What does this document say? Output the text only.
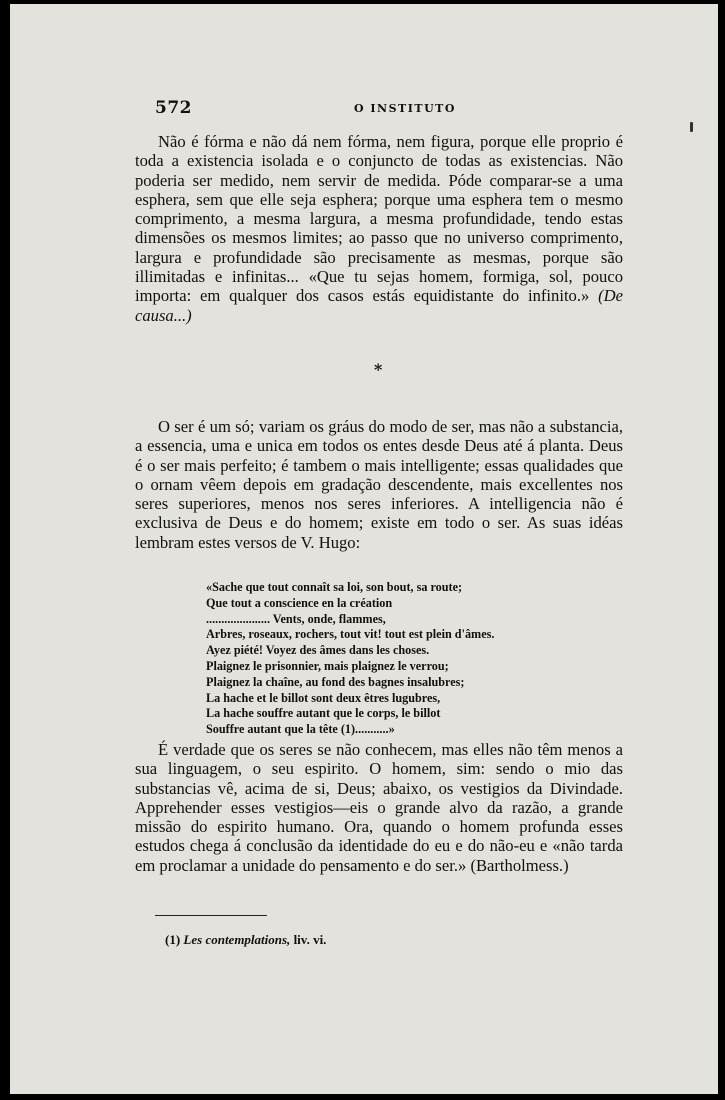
572	O INSTITUTO
Não é fórma e não dá nem fórma, nem figura, porque elle proprio é toda a existencia isolada e o conjuncto de todas as existencias. Não poderia ser medido, nem servir de medida. Póde comparar-se a uma esphera, sem que elle seja esphera; porque uma esphera tem o mesmo comprimento, a mesma largura, a mesma profundidade, tendo estas dimensões os mesmos limites; ao passo que no universo comprimento, largura e profundidade são precisamente as mesmas, porque são illimitadas e infinitas... «Que tu sejas homem, formiga, sol, pouco importa: em qualquer dos casos estás equidistante do infinito.» (De causa...)
*
O ser é um só; variam os gráus do modo de ser, mas não a substancia, a essencia, uma e unica em todos os entes desde Deus até á planta. Deus é o ser mais perfeito; é tambem o mais intelligente; essas qualidades que o ornam vêem depois em gradação descendente, mais excellentes nos seres superiores, menos nos seres inferiores. A intelligencia não é exclusiva de Deus e do homem; existe em todo o ser. As suas idéas lembram estes versos de V. Hugo:
«Sache que tout connaît sa loi, son bout, sa route;
Que tout a conscience en la création
..................... Vents, onde, flammes,
Arbres, roseaux, rochers, tout vit! tout est plein d'âmes.
Ayez piété! Voyez des âmes dans les choses.
Plaignez le prisonnier, mais plaignez le verrou;
Plaignez la chaîne, au fond des bagnes insalubres;
La hache et le billot sont deux êtres lugubres,
La hache souffre autant que le corps, le billot
Souffre autant que la tête (1)...........»
É verdade que os seres se não conhecem, mas elles não têm menos a sua linguagem, o seu espirito. O homem, sim: sendo o mio das substancias vê, acima de si, Deus; abaixo, os vestigios da Divindade. Apprehender esses vestigios—eis o grande alvo da razão, a grande missão do espirito humano. Ora, quando o homem profunda esses estudos chega á conclusão da identidade do eu e do não-eu e «não tarda em proclamar a unidade do pensamento e do ser.» (Bartholmess.)
(1) Les contemplations, liv. vi.
